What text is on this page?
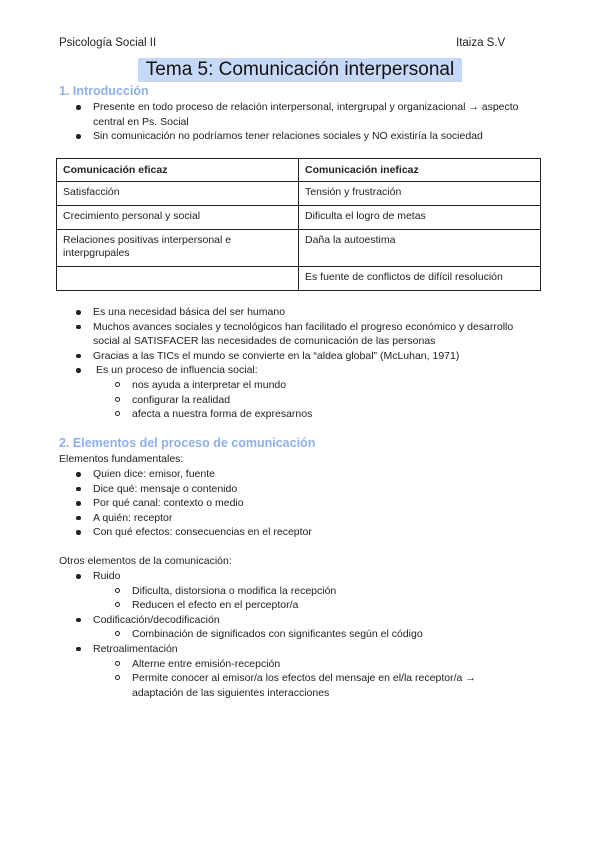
Psicología Social II	Itaiza S.V
Tema 5: Comunicación interpersonal
1. Introducción
Presente en todo proceso de relación interpersonal, intergrupal y organizacional → aspecto
central en Ps. Social
Sin comunicación no podríamos tener relaciones sociales y NO existiría la sociedad
Comunicación eficaz	Comunicación ineficaz
Satisfacción	Tensión y frustración
Crecimiento personal y social	Dificulta el logro de metas
Relaciones positivas interpersonal e
interpgrupales	Daña la autoestima
	Es fuente de conflictos de difícil resolución
Es una necesidad básica del ser humano
Muchos avances sociales y tecnológicos han facilitado el progreso económico y desarrollo
social al SATISFACER las necesidades de comunicación de las personas
Gracias a las TICs el mundo se convierte en la “aldea global” (McLuhan, 1971)
Es un proceso de influencia social:
nos ayuda a interpretar el mundo
configurar la realidad
afecta a nuestra forma de expresarnos
2. Elementos del proceso de comunicación
Elementos fundamentales:
Quien dice: emisor, fuente
Dice qué: mensaje o contenido
Por qué canal: contexto o medio
A quién: receptor
Con qué efectos: consecuencias en el receptor
Otros elementos de la comunicación:
Ruido
Dificulta, distorsiona o modifica la recepción
Reducen el efecto en el perceptor/a
Codificación/decodificación
Combinación de significados con significantes según el código
Retroalimentación
Alterne entre emisión-recepción
Permite conocer al emisor/a los efectos del mensaje en el/la receptor/a →
adaptación de las siguientes interacciones
